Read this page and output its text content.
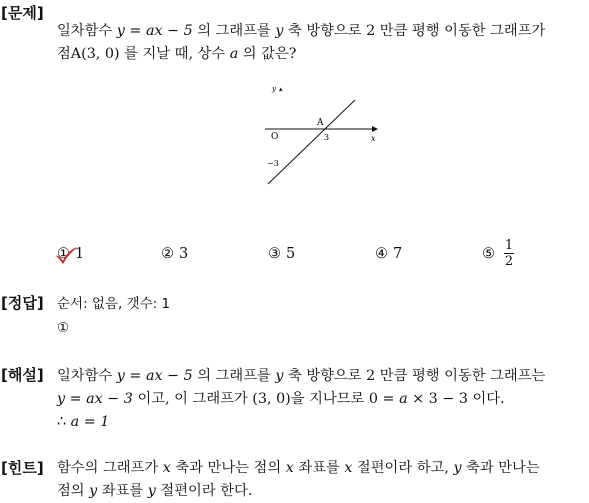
[문제]
일차함수 y = ax − 5 의 그래프를 y 축 방향으로 2 만큼 평행 이동한 그래프가
점A(3, 0) 를 지날 때, 상수 a 의 값은?
y ▴
A
O	3	x
−3
① 1	② 3	③ 5	④ 7	⑤ $\frac{1}{2}$
[정답] 순서: 없음, 갯수: 1
①
[해설] 일차함수 y = ax − 5 의 그래프를 y 축 방향으로 2 만큼 평행 이동한 그래프는
y = ax − 3 이고, 이 그래프가 (3, 0)을 지나므로 0 = a × 3 − 3 이다.
∴ a = 1
[힌트] 함수의 그래프가 x 축과 만나는 점의 x 좌표를 x 절편이라 하고, y 축과 만나는
점의 y 좌표를 y 절편이라 한다.
